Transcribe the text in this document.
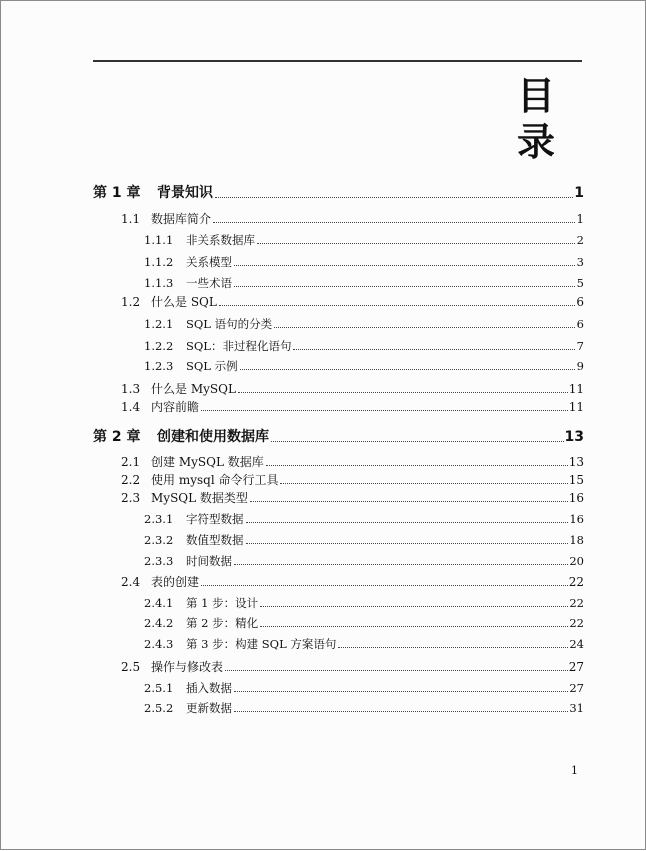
目录
第 1 章	背景知识	1
1.1 数据库简介	1
1.1.1	非关系数据库	2
1.1.2	关系模型	3
1.1.3	一些术语	5
1.2 什么是 SQL	6
1.2.1	SQL 语句的分类	6
1.2.2	SQL：非过程化语句	7
1.2.3	SQL 示例	9
1.3 什么是 MySQL	11
1.4 内容前瞻	11
第 2 章	创建和使用数据库	13
2.1 创建 MySQL 数据库	13
2.2 使用 mysql 命令行工具	15
2.3 MySQL 数据类型	16
2.3.1	字符型数据	16
2.3.2	数值型数据	18
2.3.3	时间数据	20
2.4 表的创建	22
2.4.1	第 1 步：设计	22
2.4.2	第 2 步：精化	22
2.4.3	第 3 步：构建 SQL 方案语句	24
2.5 操作与修改表	27
2.5.1	插入数据	27
2.5.2	更新数据	31
1
